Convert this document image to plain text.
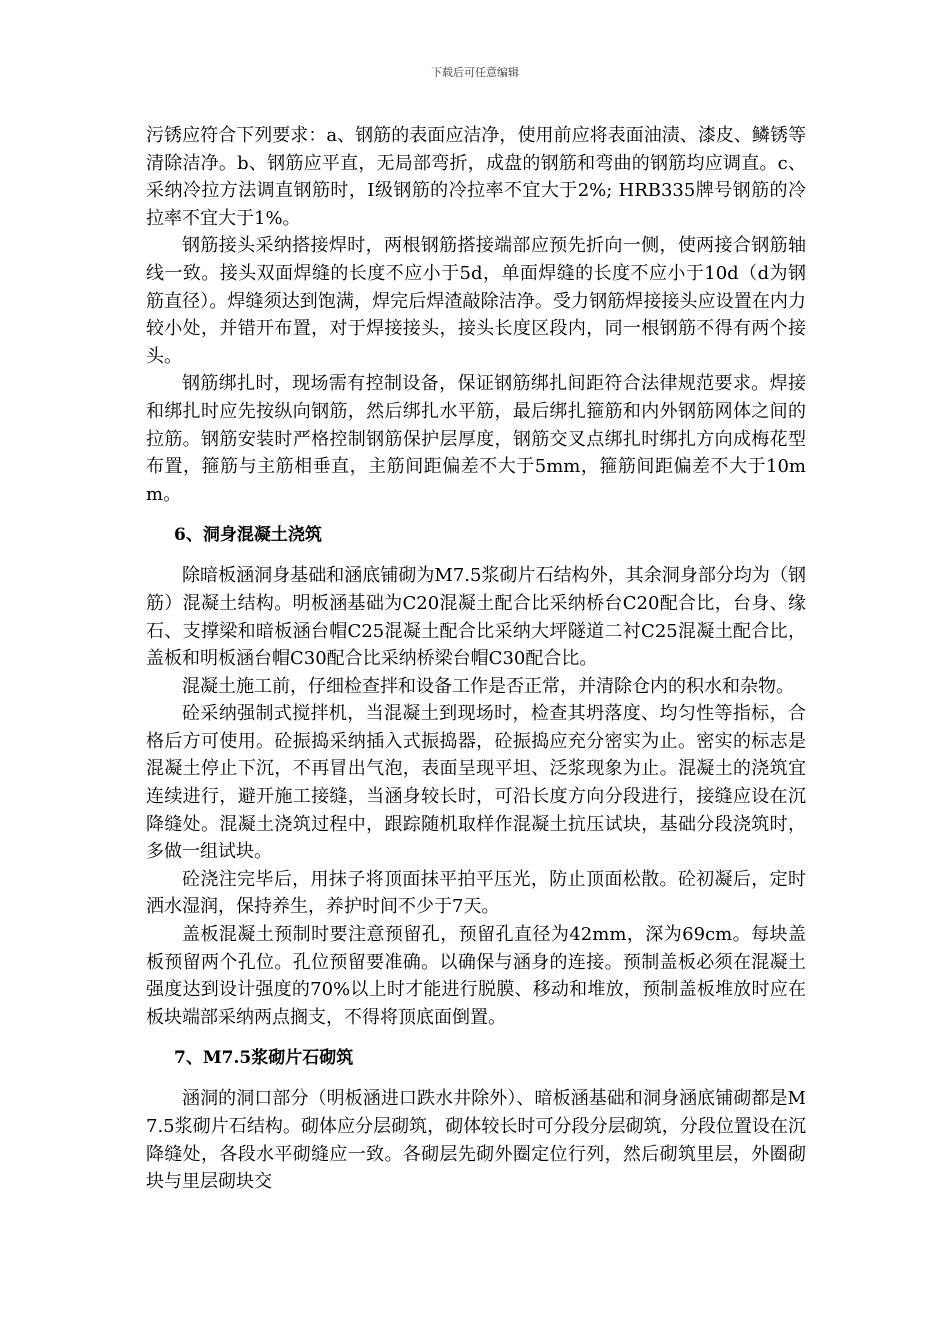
下载后可任意编辑

污锈应符合下列要求：a、钢筋的表面应洁净，使用前应将表面油渍、漆皮、鳞锈等清除洁净。b、钢筋应平直，无局部弯折，成盘的钢筋和弯曲的钢筋均应调直。c、采纳冷拉方法调直钢筋时，Ⅰ级钢筋的冷拉率不宜大于2%; HRB335牌号钢筋的冷拉率不宜大于1%。

钢筋接头采纳搭接焊时，两根钢筋搭接端部应预先折向一侧，使两接合钢筋轴线一致。接头双面焊缝的长度不应小于5d，单面焊缝的长度不应小于10d（d为钢筋直径）。焊缝须达到饱满，焊完后焊渣敲除洁净。受力钢筋焊接接头应设置在内力较小处，并错开布置，对于焊接接头，接头长度区段内，同一根钢筋不得有两个接头。

钢筋绑扎时，现场需有控制设备，保证钢筋绑扎间距符合法律规范要求。焊接和绑扎时应先按纵向钢筋，然后绑扎水平筋，最后绑扎箍筋和内外钢筋网体之间的拉筋。钢筋安装时严格控制钢筋保护层厚度，钢筋交叉点绑扎时绑扎方向成梅花型布置，箍筋与主筋相垂直，主筋间距偏差不大于5mm，箍筋间距偏差不大于10mm。

6、洞身混凝土浇筑

除暗板涵洞身基础和涵底铺砌为M7.5浆砌片石结构外，其余洞身部分均为（钢筋）混凝土结构。明板涵基础为C20混凝土配合比采纳桥台C20配合比，台身、缘石、支撑梁和暗板涵台帽C25混凝土配合比采纳大坪隧道二衬C25混凝土配合比，盖板和明板涵台帽C30配合比采纳桥梁台帽C30配合比。

混凝土施工前，仔细检查拌和设备工作是否正常，并清除仓内的积水和杂物。

砼采纳强制式搅拌机，当混凝土到现场时，检查其坍落度、均匀性等指标，合格后方可使用。砼振捣采纳插入式振捣器，砼振捣应充分密实为止。密实的标志是混凝土停止下沉，不再冒出气泡，表面呈现平坦、泛浆现象为止。混凝土的浇筑宜连续进行，避开施工接缝，当涵身较长时，可沿长度方向分段进行，接缝应设在沉降缝处。混凝土浇筑过程中，跟踪随机取样作混凝土抗压试块，基础分段浇筑时，多做一组试块。

砼浇注完毕后，用抹子将顶面抹平拍平压光，防止顶面松散。砼初凝后，定时洒水湿润，保持养生，养护时间不少于7天。

盖板混凝土预制时要注意预留孔，预留孔直径为42mm，深为69cm。每块盖板预留两个孔位。孔位预留要准确。以确保与涵身的连接。预制盖板必须在混凝土强度达到设计强度的70%以上时才能进行脱膜、移动和堆放，预制盖板堆放时应在板块端部采纳两点搁支，不得将顶底面倒置。

7、M7.5浆砌片石砌筑

涵洞的洞口部分（明板涵进口跌水井除外）、暗板涵基础和洞身涵底铺砌都是M7.5浆砌片石结构。砌体应分层砌筑，砌体较长时可分段分层砌筑，分段位置设在沉降缝处，各段水平砌缝应一致。各砌层先砌外圈定位行列，然后砌筑里层，外圈砌块与里层砌块交
